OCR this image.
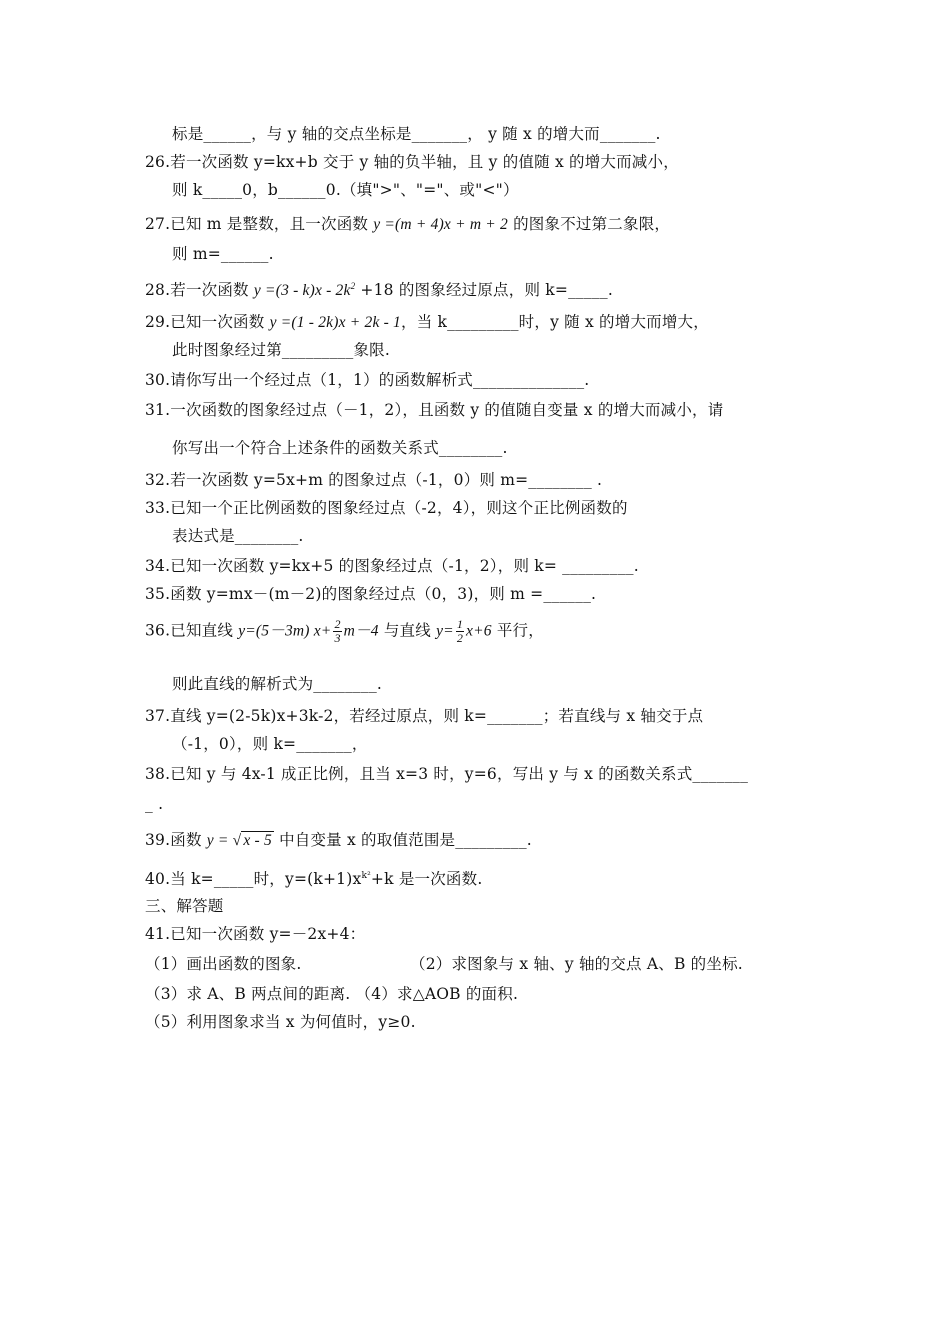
标是______，与 y 轴的交点坐标是_______， y 随 x 的增大而_______.
26.若一次函数 y=kx+b 交于 y 轴的负半轴，且 y 的值随 x 的增大而减小，
则 k_____0，b______0.（填">"、"="、或"<"）
27.已知 m 是整数，且一次函数 y =(m + 4)x + m + 2 的图象不过第二象限，
则 m=______.
28.若一次函数 $y =(3 - k)x - 2k^2 +18$ 的图象经过原点，则 k=_____.
29.已知一次函数 y =(1 - 2k)x + 2k - 1，当 k_________时，y 随 x 的增大而增大，
此时图象经过第_________象限.
30.请你写出一个经过点（1，1）的函数解析式______________.
31.一次函数的图象经过点（－1，2），且函数 y 的值随自变量 x 的增大而减小，请
你写出一个符合上述条件的函数关系式________.
32.若一次函数 y=5x+m 的图象过点（-1，0）则 m=________ .
33.已知一个正比例函数的图象经过点（-2，4），则这个正比例函数的
表达式是________.
34.已知一次函数 y=kx+5 的图象经过点（-1，2），则 k= _________.
35.函数 y=mx－(m－2)的图象经过点（0，3)，则 m =______.
36.已知直线 y=(5－3m) $x+ \frac{2}{3} m-4$ 与直线 $y= \frac{1}{2} x+6$ 平行，
则此直线的解析式为________.
37.直线 y=(2-5k)x+3k-2，若经过原点，则 k=_______；若直线与 x 轴交于点
（-1，0），则 k=_______，
38.已知 y 与 4x-1 成正比例，且当 x=3 时，y=6，写出 y 与 x 的函数关系式_______
_ .
39.函数 y = √ x - 5 中自变量 x 的取值范围是_________.
40.当 k=_____时，$y=(k+1)x^{k^2}+k$ 是一次函数.
三、解答题
41.已知一次函数 y=－2x+4：
（1）画出函数的图象.	（2）求图象与 x 轴、y 轴的交点 A、B 的坐标.
（3）求 A、B 两点间的距离. （4）求△AOB 的面积.
（5）利用图象求当 x 为何值时，y≥0.
